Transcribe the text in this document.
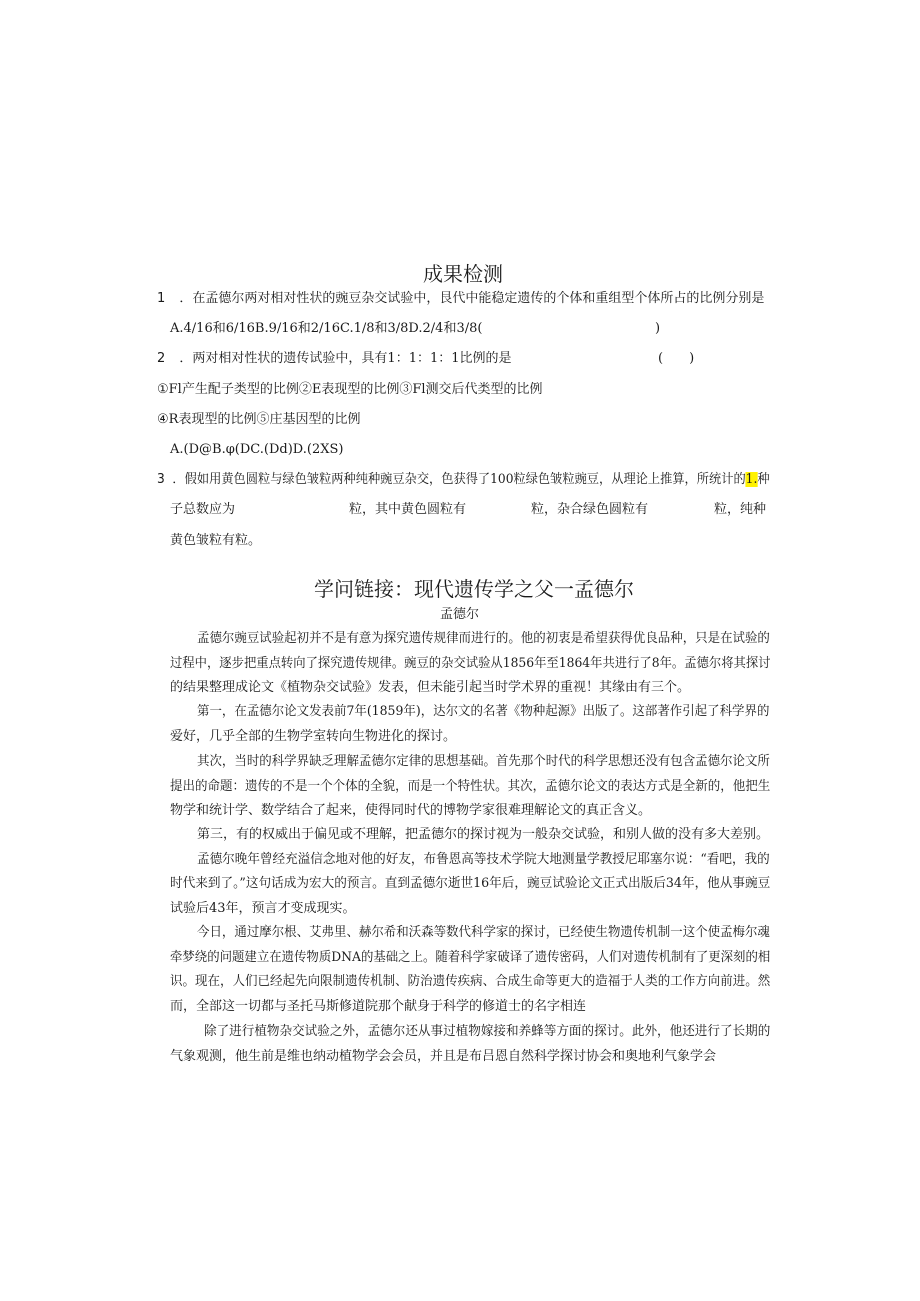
成果检测
1 ．在孟德尔两对相对性状的豌豆杂交试验中，艮代中能稳定遗传的个体和重组型个体所占的比例分别是
A.4/16和6/16B.9/16和2/16C.1/8和3/8D.2/4和3/8(	)
2 ．两对相对性状的遗传试验中，具有1：1：1：1比例的是	(　　)
①Fl产生配子类型的比例②E表现型的比例③Fl测交后代类型的比例
④R表现型的比例⑤庄基因型的比例
A.(D@B.φ(DC.(Dd)D.(2XS)
3 ．假如用黄色圆粒与绿色皱粒两种纯种豌豆杂交，色获得了100粒绿色皱粒豌豆，从理论上推算，所统计的1.种
子总数应为	粒，其中黄色圆粒有	粒，杂合绿色圆粒有	粒，纯种
黄色皱粒有粒。
学问链接：现代遗传学之父一孟德尔
孟德尔
孟德尔豌豆试验起初并不是有意为探究遗传规律而进行的。他的初衷是希望获得优良品种，只是在试验的
过程中，逐步把重点转向了探究遗传规律。豌豆的杂交试验从1856年至1864年共进行了8年。孟德尔将其探讨
的结果整理成论文《植物杂交试验》发表，但未能引起当时学术界的重视！其缘由有三个。
第一，在孟德尔论文发表前7年(1859年)，达尔文的名著《物种起源》出版了。这部著作引起了科学界的
爱好，几乎全部的生物学室转向生物进化的探讨。
其次，当时的科学界缺乏理解孟德尔定律的思想基础。首先那个时代的科学思想还没有包含孟德尔论文所
提出的命题：遗传的不是一个个体的全貌，而是一个特性状。其次，孟德尔论文的表达方式是全新的，他把生
物学和统计学、数学结合了起来，使得同时代的博物学家很难理解论文的真正含义。
第三，有的权威出于偏见或不理解，把孟德尔的探讨视为一般杂交试验，和别人做的没有多大差别。
孟德尔晚年曾经充溢信念地对他的好友，布鲁恩高等技术学院大地测量学教授尼耶塞尔说：“看吧，我的
时代来到了。”这句话成为宏大的预言。直到孟德尔逝世16年后，豌豆试验论文正式出版后34年，他从事豌豆
试验后43年，预言才变成现实。
今日，通过摩尔根、艾弗里、赫尔希和沃森等数代科学家的探讨，已经使生物遗传机制一这个使孟梅尔魂
牵梦绕的问题建立在遗传物质DNA的基础之上。随着科学家破译了遗传密码，人们对遗传机制有了更深刻的相
识。现在，人们已经起先向限制遗传机制、防治遗传疾病、合成生命等更大的造福于人类的工作方向前进。然
而，全部这一切都与圣托马斯修道院那个献身于科学的修道士的名字相连
除了进行植物杂交试验之外，孟德尔还从事过植物嫁接和养蜂等方面的探讨。此外，他还进行了长期的
气象观测，他生前是维也纳动植物学会会员，并且是布吕恩自然科学探讨协会和奥地利气象学会
